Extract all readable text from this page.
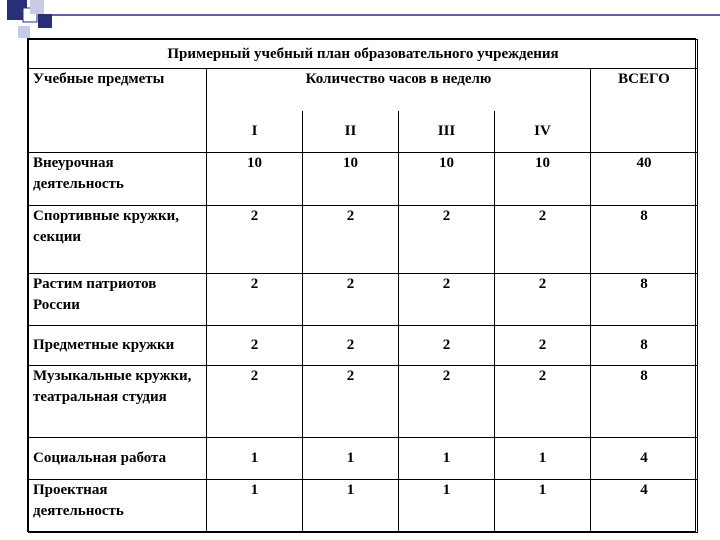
Примерный учебный план образовательного учреждения					
Учебные предметы	Количество часов в неделю				ВСЕГО
	I	II	III	IV	
Внеурочная деятельность	10	10	10	10	40
Спортивные кружки, секции	2	2	2	2	8
Растим патриотов России	2	2	2	2	8
Предметные кружки	2	2	2	2	8
Музыкальные кружки, театральная студия	2	2	2	2	8
Социальная работа	1	1	1	1	4
Проектная деятельность	1	1	1	1	4
